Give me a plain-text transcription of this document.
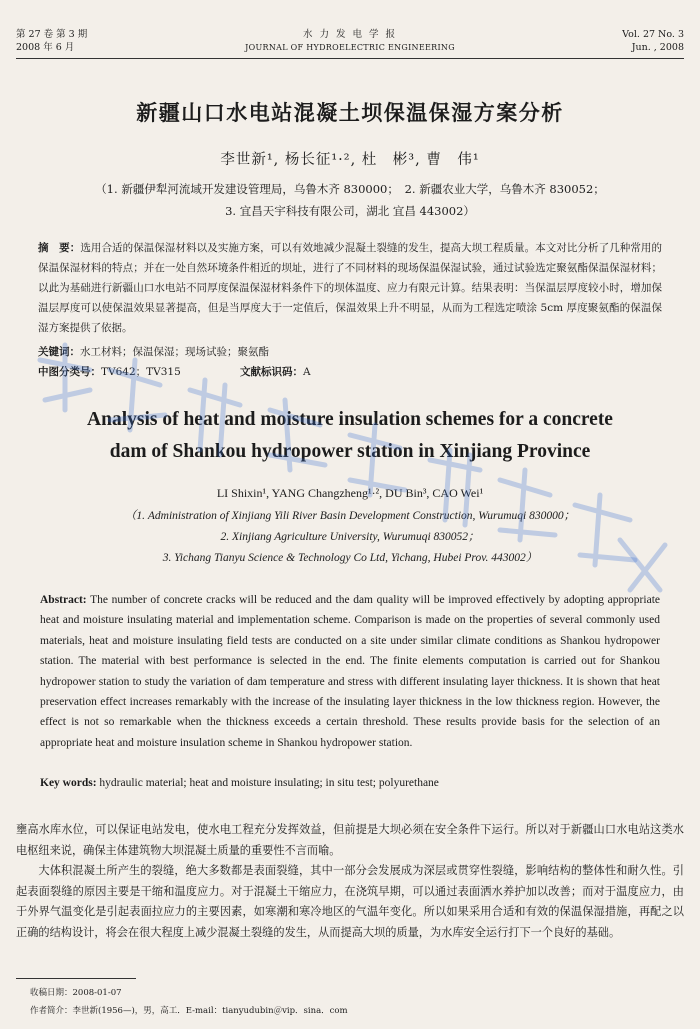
第 27 卷 第 3 期
2008 年 6 月
水 力 发 电 学 报
JOURNAL OF HYDROELECTRIC ENGINEERING
Vol. 27 No. 3
Jun. , 2008
新疆山口水电站混凝土坝保温保湿方案分析
李世新¹, 杨长征¹·², 杜　彬³, 曹　伟¹
（1. 新疆伊犁河流域开发建设管理局，乌鲁木齐 830000；　2. 新疆农业大学，乌鲁木齐 830052；
3. 宜昌天宇科技有限公司，湖北 宜昌 443002）
摘　要：选用合适的保温保湿材料以及实施方案，可以有效地减少混凝土裂缝的发生，提高大坝工程质量。本文对比分析了几种常用的保温保湿材料的特点；并在一处自然环境条件相近的坝址，进行了不同材料的现场保温保湿试验，通过试验选定聚氨酯保温保湿材料；以此为基础进行新疆山口水电站不同厚度保温保湿材料条件下的坝体温度、应力有限元计算。结果表明：当保温层厚度较小时，增加保温层厚度可以使保温效果显著提高，但是当厚度大于一定值后，保温效果上升不明显，从而为工程选定喷涂 5cm 厚度聚氨酯的保温保湿方案提供了依据。
关键词：水工材料；保温保湿；现场试验；聚氨酯
中图分类号：TV642；TV315	文献标识码：A
Analysis of heat and moisture insulation schemes for a concrete
dam of Shankou hydropower station in Xinjiang Province
LI Shixin¹, YANG Changzheng¹·², DU Bin³, CAO Wei¹
（1. Administration of Xinjiang Yili River Basin Development Construction, Wurumuqi 830000；
2. Xinjiang Agriculture University, Wurumuqi 830052；
3. Yichang Tianyu Science & Technology Co Ltd, Yichang, Hubei Prov. 443002）
Abstract: The number of concrete cracks will be reduced and the dam quality will be improved effectively by adopting appropriate heat and moisture insulating material and implementation scheme. Comparison is made on the properties of several commonly used materials, heat and moisture insulating field tests are conducted on a site under similar climate conditions as Shankou hydropower station. The material with best performance is selected in the end. The finite elements computation is carried out for Shankou hydropower station to study the variation of dam temperature and stress with different insulating layer thickness. It is shown that heat preservation effect increases remarkably with the increase of the insulating layer thickness in the low thickness region. However, the effect is not so remarkable when the thickness exceeds a certain threshold. These results provide basis for the selection of an appropriate heat and moisture insulation scheme in Shankou hydropower station.
Key words: hydraulic material; heat and moisture insulating; in situ test; polyurethane

壅高水库水位，可以保证电站发电，使水电工程充分发挥效益，但前提是大坝必须在安全条件下运行。所以对于新疆山口水电站这类水电枢纽来说，确保主体建筑物大坝混凝土质量的重要性不言而喻。

大体积混凝土所产生的裂缝，绝大多数都是表面裂缝，其中一部分会发展成为深层或贯穿性裂缝，影响结构的整体性和耐久性。引起表面裂缝的原因主要是干缩和温度应力。对于混凝土干缩应力，在浇筑早期，可以通过表面洒水养护加以改善；而对于温度应力，由于外界气温变化是引起表面拉应力的主要因素，如寒潮和寒冷地区的气温年变化。所以如果采用合适和有效的保温保湿措施，再配之以正确的结构设计，将会在很大程度上减少混凝土裂缝的发生，从而提高大坝的质量，为水库安全运行打下一个良好的基础。

收稿日期：2008-01-07
作者简介：李世新(1956—)，男，高工．E-mail：tianyudubin＠vip．sina．com
